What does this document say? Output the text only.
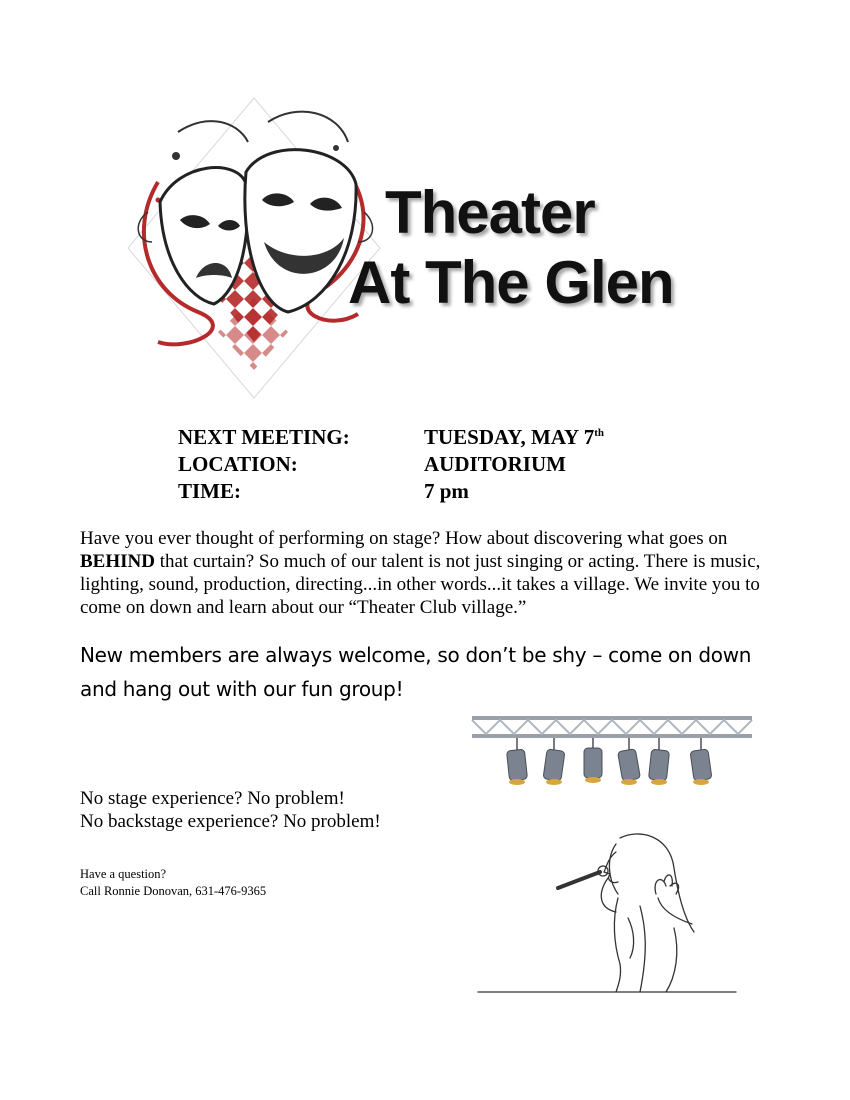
Theater
At The Glen
NEXT MEETING:	TUESDAY, MAY 7th
LOCATION:	AUDITORIUM
TIME:	7 pm
Have you ever thought of performing on stage? How about discovering what goes on BEHIND that curtain? So much of our talent is not just singing or acting. There is music, lighting, sound, production, directing...in other words...it takes a village. We invite you to come on down and learn about our “Theater Club village.”
New members are always welcome, so don’t be shy – come on down and hang out with our fun group!
No stage experience? No problem!
No backstage experience? No problem!
Have a question?
Call Ronnie Donovan, 631-476-9365
